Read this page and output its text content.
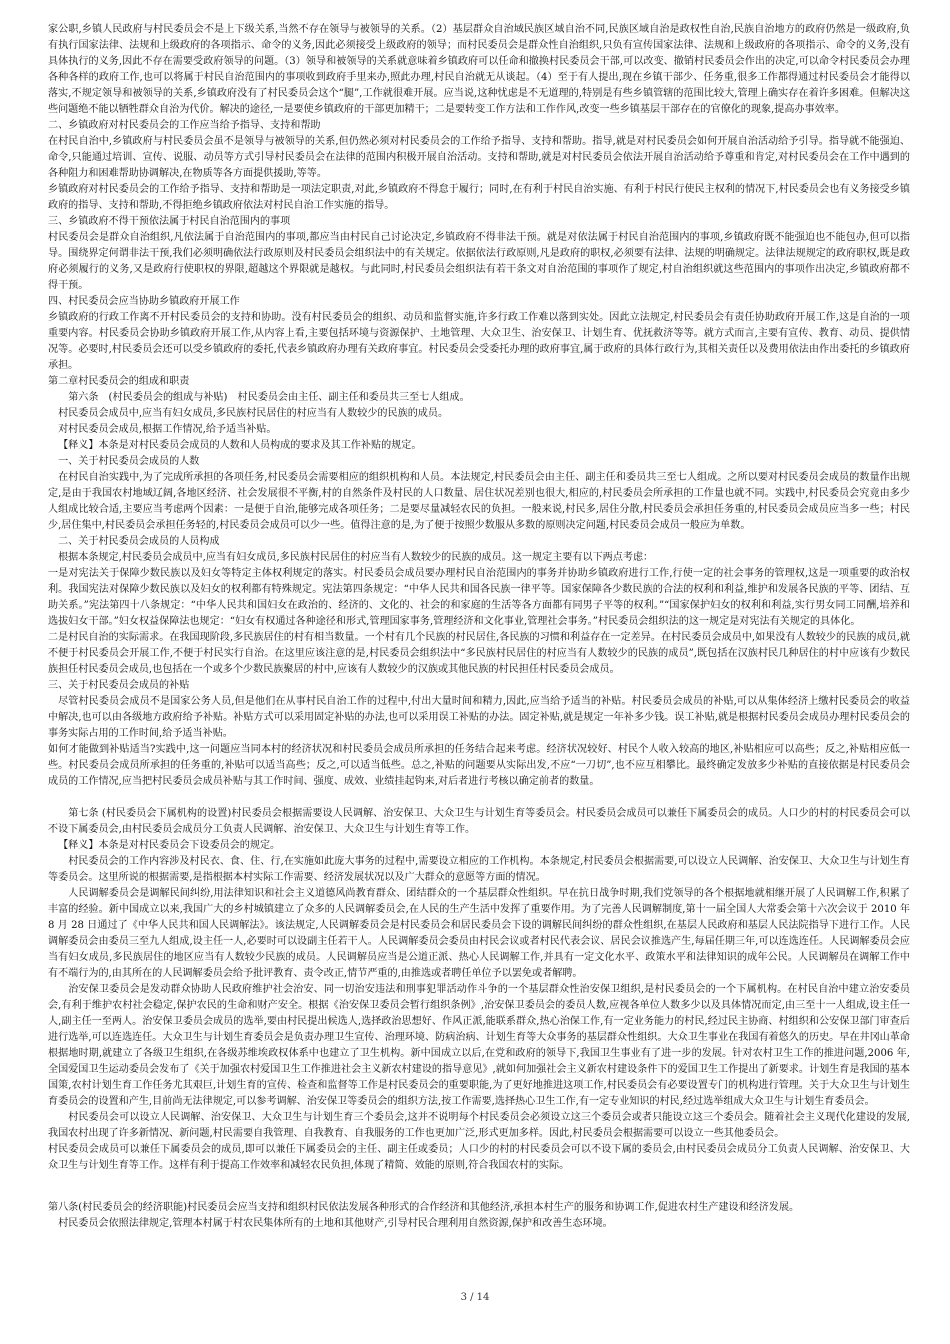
家公职,乡镇人民政府与村民委员会不是上下级关系,当然不存在领导与被领导的关系。（2）基层群众自治域民族区域自治不同,民族区域自治是政权性自治,民族自治地方的政府仍然是一级政府,负有执行国家法律、法规和上级政府的各项指示、命令的义务,因此必须接受上级政府的领导；而村民委员会是群众性自治组织,只负有宣传国家法律、法规和上级政府的各项指示、命令的义务,没有具体执行的义务,因此不存在需要受政府领导的问题。（3）领导和被领导的关系就意味着乡镇政府可以任命和撤换村民委员会干部,可以改变、撤销村民委员会作出的决定,可以命令村民委员会办理各种各样的政府工作,也可以将属于村民自治范围内的事项收到政府手里来办,照此办理,村民自治就无从谈起。（4）至于有人提出,现在乡镇干部少、任务重,很多工作都得通过村民委员会才能得以落实,不规定领导和被领导的关系,乡镇政府没有了村民委员会这个“腿”,工作就很难开展。应当说,这种忧虑是不无道理的,特别是有些乡镇管辖的范围比较大,管理上确实存在着许多困难。但解决这些问题绝不能以牺牲群众自治为代价。解决的途径,一是要使乡镇政府的干部更加精干；二是要转变工作方法和工作作风,改变一些乡镇基层干部存在的官僚化的现象,提高办事效率。

二、乡镇政府对村民委员会的工作应当给予指导、支持和帮助

在村民自治中,乡镇政府与村民委员会虽不是领导与被领导的关系,但仍然必须对村民委员会的工作给予指导、支持和帮助。指导,就是对村民委员会如何开展自治活动给予引导。指导就不能强迫、命令,只能通过培训、宣传、说服、动员等方式引导村民委员会在法律的范围内积极开展自治活动。支持和帮助,就是对村民委员会依法开展自治活动给予尊重和肯定,对村民委员会在工作中遇到的各种阻力和困难帮助协调解决,在物质等各方面提供援助,等等。

乡镇政府对村民委员会的工作给予指导、支持和帮助是一项法定职责,对此,乡镇政府不得怠于履行；同时,在有利于村民自治实施、有利于村民行使民主权利的情况下,村民委员会也有义务接受乡镇政府的指导、支持和帮助,不得拒绝乡镇政府依法对村民自治工作实施的指导。

三、乡镇政府不得干预依法属于村民自治范围内的事项

村民委员会是群众自治组织,凡依法属于自治范围内的事项,都应当由村民自己讨论决定,乡镇政府不得非法干预。就是对依法属于村民自治范围内的事项,乡镇政府既不能强迫也不能包办,但可以指导。围绕界定何谓非法干预,我们必须明确依法行政原则及村民委员会组织法中的有关规定。依据依法行政原则,凡是政府的职权,必须要有法律、法规的明确规定。法律法规规定的政府职权,既是政府必须履行的义务,又是政府行使职权的界限,超越这个界限就是越权。与此同时,村民委员会组织法有若干条文对自治范围的事项作了规定,村自治组织就这些范围内的事项作出决定,乡镇政府都不得干预。

四、村民委员会应当协助乡镇政府开展工作

乡镇政府的行政工作离不开村民委员会的支持和协助。没有村民委员会的组织、动员和监督实施,许多行政工作难以落到实处。因此立法规定,村民委员会有责任协助政府开展工作,这是自治的一项重要内容。村民委员会协助乡镇政府开展工作,从内容上看,主要包括环境与资源保护、土地管理、大众卫生、治安保卫、计划生育、优抚救济等等。就方式而言,主要有宣传、教育、动员、提供情况等。必要时,村民委员会还可以受乡镇政府的委托,代表乡镇政府办理有关政府事宜。村民委员会受委托办理的政府事宜,属于政府的具体行政行为,其相关责任以及费用依法由作出委托的乡镇政府承担。

第二章村民委员会的组成和职责

第六条　(村民委员会的组成与补贴)　村民委员会由主任、副主任和委员共三至七人组成。

村民委员会成员中,应当有妇女成员,多民族村民居住的村应当有人数较少的民族的成员。

对村民委员会成员,根据工作情况,给予适当补贴。

【释义】本条是对村民委员会成员的人数和人员构成的要求及其工作补贴的规定。

一、关于村民委员会成员的人数

在村民自治实践中,为了完成所承担的各项任务,村民委员会需要相应的组织机构和人员。本法规定,村民委员会由主任、副主任和委员共三至七人组成。之所以要对村民委员会成员的数量作出规定,是由于我国农村地域辽阔,各地区经济、社会发展很不平衡,村的自然条件及村民的人口数量、居住状况差别也很大,相应的,村民委员会所承担的工作量也就不同。实践中,村民委员会究竟由多少人组成比较合适,主要应当考虑两个因素：一是便于自治,能够完成各项任务；二是要尽量减轻农民的负担。一般来说,村民多,居住分散,村民委员会承担任务重的,村民委员会成员应当多一些；村民少,居住集中,村民委员会承担任务轻的,村民委员会成员可以少一些。值得注意的是,为了便于按照少数服从多数的原则决定问题,村民委员会成员一般应为单数。

二、关于村民委员会成员的人员构成

根据本条规定,村民委员会成员中,应当有妇女成员,多民族村民居住的村应当有人数较少的民族的成员。这一规定主要有以下两点考虑：

一是对宪法关于保障少数民族以及妇女等特定主体权利规定的落实。村民委员会成员要办理村民自治范围内的事务并协助乡镇政府进行工作,行使一定的社会事务的管理权,这是一项重要的政治权利。我国宪法对保障少数民族以及妇女的权利都有特殊规定。宪法第四条规定：“中华人民共和国各民族一律平等。国家保障各少数民族的合法的权利和利益,维护和发展各民族的平等、团结、互助关系。”宪法第四十八条规定：“中华人民共和国妇女在政治的、经济的、文化的、社会的和家庭的生活等各方面都有同男子平等的权利。”“国家保护妇女的权利和利益,实行男女同工同酬,培养和选拔妇女干部。”妇女权益保障法也规定：“妇女有权通过各种途径和形式,管理国家事务,管理经济和文化事业,管理社会事务。”村民委员会组织法的这一规定是对宪法有关规定的具体化。

二是村民自治的实际需求。在我国现阶段,多民族居住的村有相当数量。一个村有几个民族的村民居住,各民族的习惯和利益存在一定差异。在村民委员会成员中,如果没有人数较少的民族的成员,就不便于村民委员会开展工作,不便于村民实行自治。在这里应该注意的是,村民委员会组织法中“多民族村民居住的村应当有人数较少的民族的成员”,既包括在汉族村民几种居住的村中应该有少数民族担任村民委员会成员,也包括在一个或多个少数民族聚居的村中,应该有人数较少的汉族或其他民族的村民担任村民委员会成员。

三、关于村民委员会成员的补贴

尽管村民委员会成员不是国家公务人员,但是他们在从事村民自治工作的过程中,付出大量时间和精力,因此,应当给予适当的补贴。村民委员会成员的补贴,可以从集体经济上缴村民委员会的收益中解决,也可以由各级地方政府给予补贴。补贴方式可以采用固定补贴的办法,也可以采用误工补贴的办法。固定补贴,就是规定一年补多少钱。误工补贴,就是根据村民委员会成员办理村民委员会的事务实际占用的工作时间,给予适当补贴。

如何才能做到补贴适当?实践中,这一问题应当同本村的经济状况和村民委员会成员所承担的任务结合起来考虑。经济状况较好、村民个人收入较高的地区,补贴相应可以高些；反之,补贴相应低一些。村民委员会成员所承担的任务重的,补贴可以适当高些；反之,可以适当低些。总之,补贴的问题要从实际出发,不应“一刀切”,也不应互相攀比。最终确定发放多少补贴的直接依据是村民委员会成员的工作情况,应当把村民委员会成员补贴与其工作时间、强度、成效、业绩挂起钩来,对后者进行考核以确定前者的数量。

第七条 (村民委员会下属机构的设置)村民委员会根据需要设人民调解、治安保卫、大众卫生与计划生育等委员会。村民委员会成员可以兼任下属委员会的成员。人口少的村的村民委员会可以不设下属委员会,由村民委员会成员分工负责人民调解、治安保卫、大众卫生与计划生育等工作。

【释义】本条是对村民委员会下设委员会的规定。

村民委员会的工作内容涉及村民衣、食、住、行,在实施如此庞大事务的过程中,需要设立相应的工作机构。本条规定,村民委员会根据需要,可以设立人民调解、治安保卫、大众卫生与计划生育等委员会。这里所说的根据需要,是指根据本村实际工作需要、经济发展状况以及广大群众的意愿等方面的情况。

人民调解委员会是调解民间纠纷,用法律知识和社会主义道德风尚教育群众、团结群众的一个基层群众性组织。早在抗日战争时期,我们党领导的各个根据地就相继开展了人民调解工作,积累了丰富的经验。新中国成立以来,我国广大的乡村城镇建立了众多的人民调解委员会,在人民的生产生活中发挥了重要作用。为了完善人民调解制度,第十一届全国人大常委会第十六次会议于 2010 年 8 月 28 日通过了《中华人民共和国人民调解法》。该法规定,人民调解委员会是村民委员会和居民委员会下设的调解民间纠纷的群众性组织,在基层人民政府和基层人民法院指导下进行工作。人民调解委员会由委员三至九人组成,设主任一人,必要时可以设副主任若干人。人民调解委员会委员由村民会议或者村民代表会议、居民会议推选产生,每届任期三年,可以连选连任。人民调解委员会应当有妇女成员,多民族居住的地区应当有人数较少民族的成员。人民调解员应当是公道正派、热心人民调解工作,并具有一定文化水平、政策水平和法律知识的成年公民。人民调解员在调解工作中有不端行为的,由其所在的人民调解委员会给予批评教育、责令改正,情节严重的,由推选或者聘任单位予以罢免或者解聘。

治安保卫委员会是发动群众协助人民政府维护社会治安、同一切治安违法和刑事犯罪活动作斗争的一个基层群众性治安保卫组织,是村民委员会的一个下属机构。在村民自治中建立治安委员会,有利于维护农村社会稳定,保护农民的生命和财产安全。根据《治安保卫委员会暂行组织条例》,治安保卫委员会的委员人数,应视各单位人数多少以及具体情况而定,由三至十一人组成,设主任一人,副主任一至两人。治安保卫委员会成员的选举,要由村民提出候选人,选择政治思想好、作风正派,能联系群众,热心治保工作,有一定业务能力的村民,经过民主协商、村组织和公安保卫部门审查后进行选举,可以连选连任。大众卫生与计划生育委员会是负责办理卫生宣传、治理环境、防病治病、计划生育等大众事务的基层群众性组织。大众卫生事业在我国有着悠久的历史。早在井冈山革命根据地时期,就建立了各级卫生组织,在各级苏维埃政权体系中也建立了卫生机构。新中国成立以后,在党和政府的领导下,我国卫生事业有了进一步的发展。针对农村卫生工作的推进问题,2006 年,全国爱国卫生运动委员会发布了《关于加强农村爱国卫生工作推进社会主义新农村建设的指导意见》,就如何加强社会主义新农村建设条件下的爱国卫生工作提出了新要求。计划生育是我国的基本国策,农村计划生育工作任务尤其艰巨,计划生育的宣传、检查和监督等工作是村民委员会的重要职能,为了更好地推进这项工作,村民委员会有必要设置专门的机构进行管理。关于大众卫生与计划生育委员会的设置和产生,目前尚无法律规定,可以参考调解、治安保卫等委员会的组织方法,按工作需要,选择热心卫生工作,有一定专业知识的村民,经过选举组成大众卫生与计划生育委员会。

村民委员会可以设立人民调解、治安保卫、大众卫生与计划生育三个委员会,这并不说明每个村民委员会必须设立这三个委员会或者只能设立这三个委员会。随着社会主义现代化建设的发展,我国农村出现了许多新情况、新问题,村民需要自我管理、自我教育、自我服务的工作也更加广泛,形式更加多样。因此,村民委员会根据需要可以设立一些其他委员会。

村民委员会成员可以兼任下属委员会的成员,即可以兼任下属委员会的主任、副主任或委员；人口少的村的村民委员会可以不设下属的委员会,由村民委员会成员分工负责人民调解、治安保卫、大众卫生与计划生育等工作。这样有利于提高工作效率和减轻农民负担,体现了精简、效能的原则,符合我国农村的实际。

第八条(村民委员会的经济职能)村民委员会应当支持和组织村民依法发展各种形式的合作经济和其他经济,承担本村生产的服务和协调工作,促进农村生产建设和经济发展。

村民委员会依照法律规定,管理本村属于村农民集体所有的土地和其他财产,引导村民合理利用自然资源,保护和改善生态环境。

3 / 14
